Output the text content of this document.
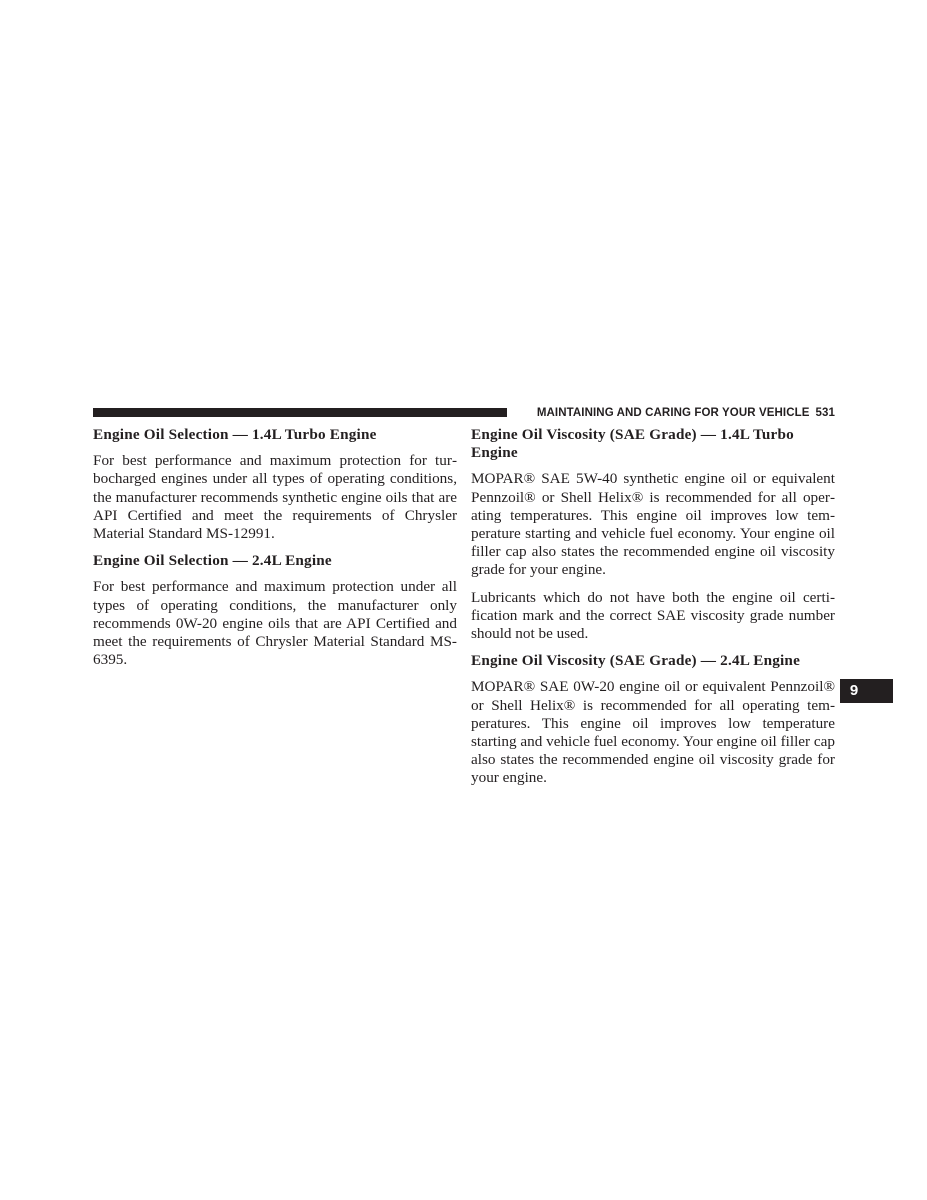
MAINTAINING AND CARING FOR YOUR VEHICLE 531
Engine Oil Selection — 1.4L Turbo Engine

For best performance and maximum protection for turbocharged engines under all types of operating conditions, the manufacturer recommends synthetic engine oils that are API Certified and meet the requirements of Chrysler Material Standard MS-12991.

Engine Oil Selection — 2.4L Engine

For best performance and maximum protection under all types of operating conditions, the manufacturer only recommends 0W-20 engine oils that are API Certified and meet the requirements of Chrysler Material Standard MS-6395.

Engine Oil Viscosity (SAE Grade) — 1.4L Turbo Engine

MOPAR® SAE 5W-40 synthetic engine oil or equivalent Pennzoil® or Shell Helix® is recommended for all operating temperatures. This engine oil improves low temperature starting and vehicle fuel economy. Your engine oil filler cap also states the recommended engine oil viscosity grade for your engine.

Lubricants which do not have both the engine oil certification mark and the correct SAE viscosity grade number should not be used.

Engine Oil Viscosity (SAE Grade) — 2.4L Engine

MOPAR® SAE 0W-20 engine oil or equivalent Pennzoil® or Shell Helix® is recommended for all operating temperatures. This engine oil improves low temperature starting and vehicle fuel economy. Your engine oil filler cap also states the recommended engine oil viscosity grade for your engine.

9
